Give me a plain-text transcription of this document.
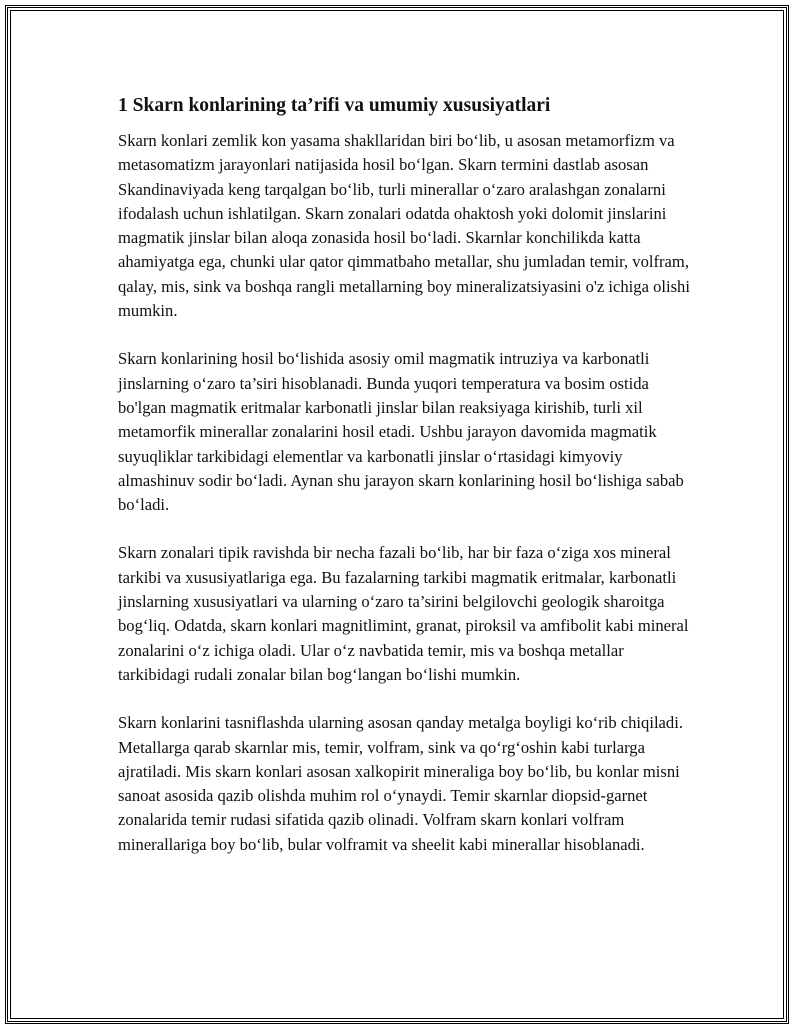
1 Skarn konlarining ta’rifi va umumiy xususiyatlari

Skarn konlari zemlik kon yasama shakllaridan biri bo‘lib, u asosan metamorfizm va metasomatizm jarayonlari natijasida hosil bo‘lgan. Skarn termini dastlab asosan Skandinaviyada keng tarqalgan bo‘lib, turli minerallar o‘zaro aralashgan zonalarni ifodalash uchun ishlatilgan. Skarn zonalari odatda ohaktosh yoki dolomit jinslarini magmatik jinslar bilan aloqa zonasida hosil bo‘ladi. Skarnlar konchilikda katta ahamiyatga ega, chunki ular qator qimmatbaho metallar, shu jumladan temir, volfram, qalay, mis, sink va boshqa rangli metallarning boy mineralizatsiyasini o'z ichiga olishi mumkin.

Skarn konlarining hosil bo‘lishida asosiy omil magmatik intruziya va karbonatli jinslarning o‘zaro ta’siri hisoblanadi. Bunda yuqori temperatura va bosim ostida bo'lgan magmatik eritmalar karbonatli jinslar bilan reaksiyaga kirishib, turli xil metamorfik minerallar zonalarini hosil etadi. Ushbu jarayon davomida magmatik suyuqliklar tarkibidagi elementlar va karbonatli jinslar o‘rtasidagi kimyoviy almashinuv sodir bo‘ladi. Aynan shu jarayon skarn konlarining hosil bo‘lishiga sabab bo‘ladi.

Skarn zonalari tipik ravishda bir necha fazali bo‘lib, har bir faza o‘ziga xos mineral tarkibi va xususiyatlariga ega. Bu fazalarning tarkibi magmatik eritmalar, karbonatli jinslarning xususiyatlari va ularning o‘zaro ta’sirini belgilovchi geologik sharoitga bog‘liq. Odatda, skarn konlari magnitlimint, granat, piroksil va amfibolit kabi mineral zonalarini o‘z ichiga oladi. Ular o‘z navbatida temir, mis va boshqa metallar tarkibidagi rudali zonalar bilan bog‘langan bo‘lishi mumkin.

Skarn konlarini tasniflashda ularning asosan qanday metalga boyligi ko‘rib chiqiladi. Metallarga qarab skarnlar mis, temir, volfram, sink va qo‘rg‘oshin kabi turlarga ajratiladi. Mis skarn konlari asosan xalkopirit mineraliga boy bo‘lib, bu konlar misni sanoat asosida qazib olishda muhim rol o‘ynaydi. Temir skarnlar diopsid-garnet zonalarida temir rudasi sifatida qazib olinadi. Volfram skarn konlari volfram minerallariga boy bo‘lib, bular volframit va sheelit kabi minerallar hisoblanadi.
